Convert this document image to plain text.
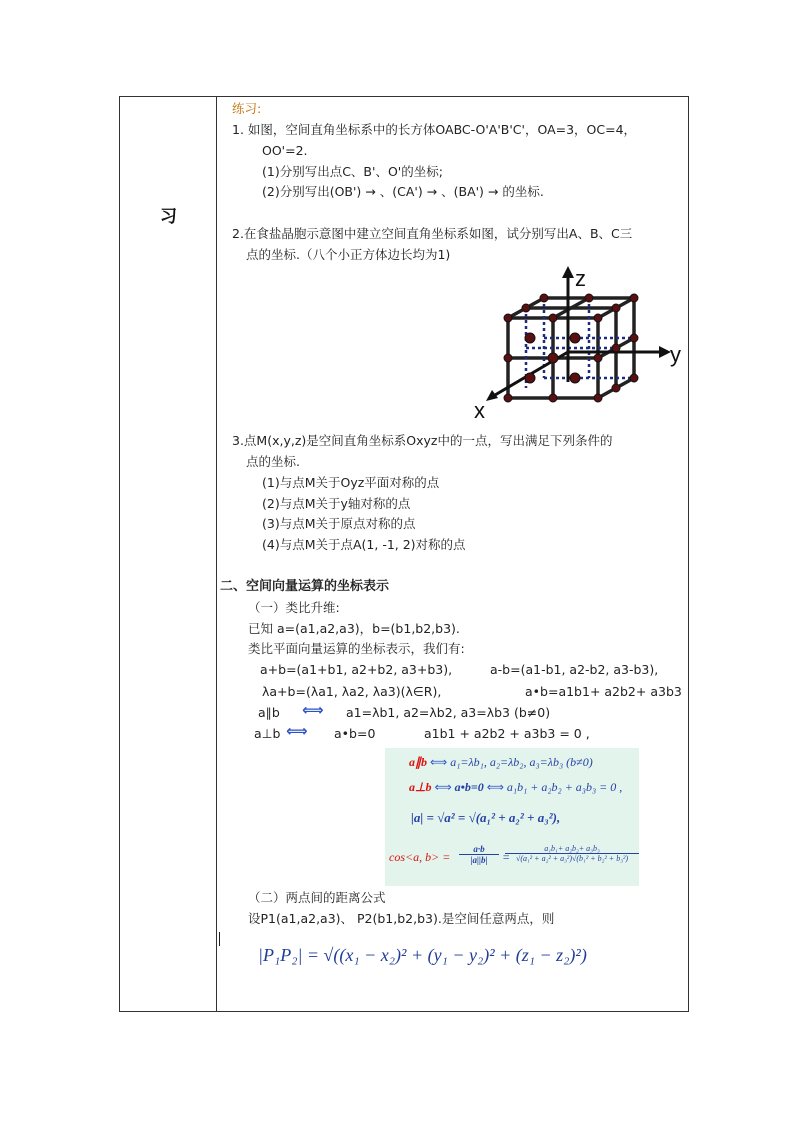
习
练习:
1. 如图，空间直角坐标系中的长方体OABC-O'A'B'C'，OA=3，OC=4，
OO'=2.
(1)分别写出点C、B'、O'的坐标;
(2)分别写出(OB') → 、(CA') → 、(BA') → 的坐标.
2.在食盐晶胞示意图中建立空间直角坐标系如图，试分别写出A、B、C三
点的坐标.（八个小正方体边长均为1)
z
y
x
3.点M(x,y,z)是空间直角坐标系Oxyz中的一点，写出满足下列条件的
点的坐标.
(1)与点M关于Oyz平面对称的点
(2)与点M关于y轴对称的点
(3)与点M关于原点对称的点
(4)与点M关于点A(1, -1, 2)对称的点
二、空间向量运算的坐标表示
（一）类比升维:
已知 a=(a1,a2,a3)，b=(b1,b2,b3).
类比平面向量运算的坐标表示，我们有:
a+b=(a1+b1, a2+b2, a3+b3),	a-b=(a1-b1, a2-b2, a3-b3),
λa+b=(λa1, λa2, λa3)(λ∈R),	a•b=a1b1+ a2b2+ a3b3
a∥b ⟺ a1=λb1, a2=λb2, a3=λb3 (b≠0)
a⊥b ⟺ a•b=0	a1b1 + a2b2 + a3b3 = 0 ,
a∥b ⟺ a₁=λb₁, a₂=λb₂, a₃=λb₃ (b≠0)
a⊥b ⟺ a•b=0 ⟺ a₁b₁ + a₂b₂ + a₃b₃ = 0 ,
|a| = √a² = √(a₁² + a₂² + a₃²),
cos<a, $b> = \frac{a\cdot b}{|a||b|}$ =
$\frac{\text{a₁b₁+ a₂b₂+ a₃b₃}}{\text{√(a₁² + a₂² + a₃²)√(b₁² + b₂² + b₃²)}}$
（二）两点间的距离公式
设P1(a1,a2,a3)、 P2(b1,b2,b3).是空间任意两点，则
|P₁P₂| = √((x₁ − x₂)² + (y₁ − y₂)² + (z₁ − z₂)²)
